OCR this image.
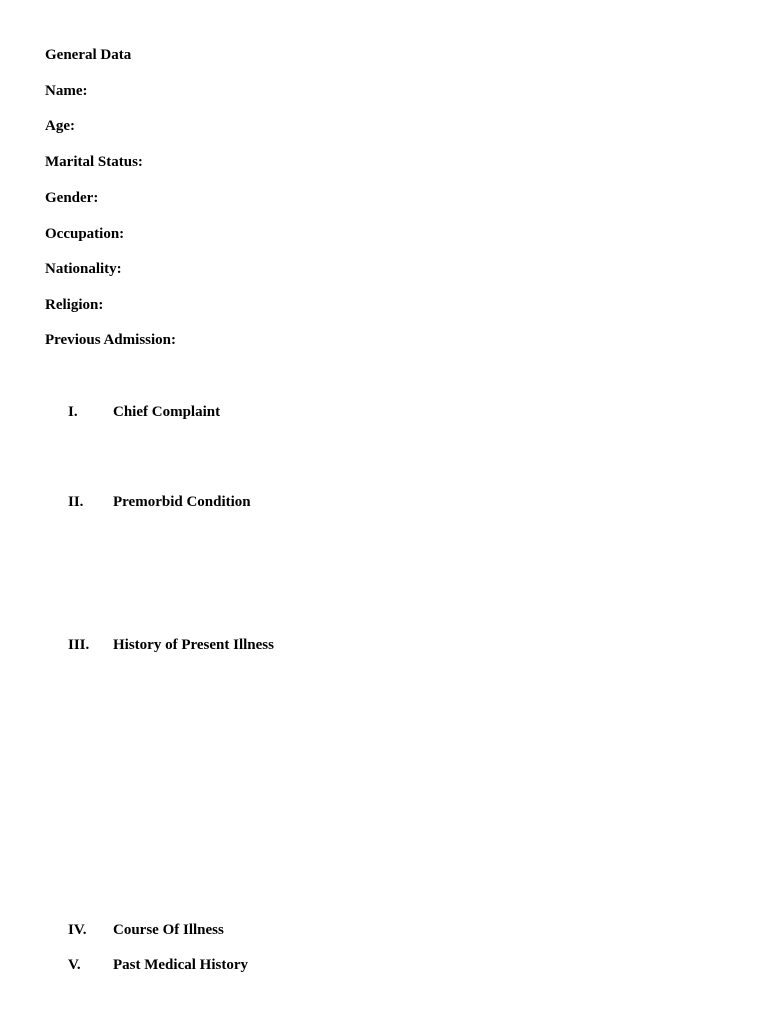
General Data
Name:
Age:
Marital Status:
Gender:
Occupation:
Nationality:
Religion:
Previous Admission:
I. Chief Complaint
II. Premorbid Condition
III. History of Present Illness
IV. Course Of Illness
V. Past Medical History
